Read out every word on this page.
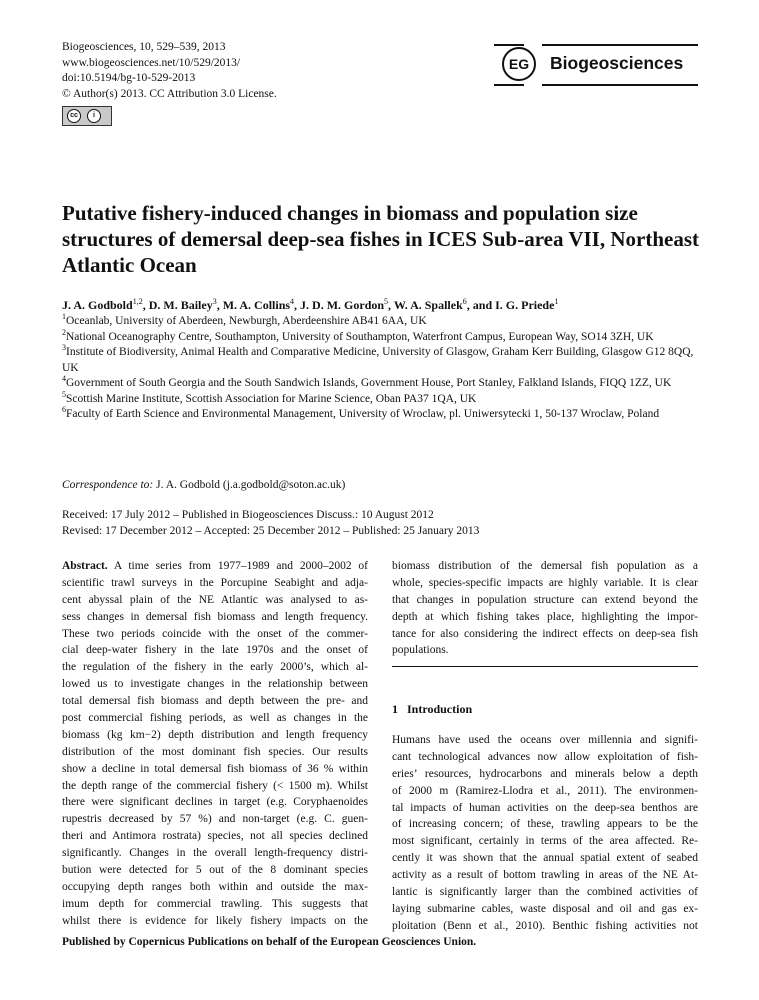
Biogeosciences, 10, 529–539, 2013
www.biogeosciences.net/10/529/2013/
doi:10.5194/bg-10-529-2013
© Author(s) 2013. CC Attribution 3.0 License.
cc	i
EG	Biogeosciences
Putative fishery-induced changes in biomass and population size structures of demersal deep-sea fishes in ICES Sub-area VII, Northeast Atlantic Ocean
J. A. Godbold$^{1,2}$, D. M. Bailey$^3$, M. A. Collins$^4$, J. D. M. Gordon$^5$, W. A. Spallek$^6$, and I. G. Priede$^1$
$^1$Oceanlab, University of Aberdeen, Newburgh, Aberdeenshire AB41 6AA, UK
$^2$National Oceanography Centre, Southampton, University of Southampton, Waterfront Campus, European Way, SO14 3ZH, UK
$^3$Institute of Biodiversity, Animal Health and Comparative Medicine, University of Glasgow, Graham Kerr Building, Glasgow G12 8QQ, UK
$^4$Government of South Georgia and the South Sandwich Islands, Government House, Port Stanley, Falkland Islands, FIQQ 1ZZ, UK
$^5$Scottish Marine Institute, Scottish Association for Marine Science, Oban PA37 1QA, UK
$^6$Faculty of Earth Science and Environmental Management, University of Wroclaw, pl. Uniwersytecki 1, 50-137 Wroclaw, Poland
Correspondence to: J. A. Godbold (j.a.godbold@soton.ac.uk)
Received: 17 July 2012 – Published in Biogeosciences Discuss.: 10 August 2012
Revised: 17 December 2012 – Accepted: 25 December 2012 – Published: 25 January 2013
Abstract. A time series from 1977–1989 and 2000–2002 of
scientific trawl surveys in the Porcupine Seabight and adja-
cent abyssal plain of the NE Atlantic was analysed to as-
sess changes in demersal fish biomass and length frequency.
These two periods coincide with the onset of the commer-
cial deep-water fishery in the late 1970s and the onset of
the regulation of the fishery in the early 2000’s, which al-
lowed us to investigate changes in the relationship between
total demersal fish biomass and depth between the pre- and
post commercial fishing periods, as well as changes in the
biomass (kg km−2) depth distribution and length frequency
distribution of the most dominant fish species. Our results
show a decline in total demersal fish biomass of 36 % within
the depth range of the commercial fishery (< 1500 m). Whilst
there were significant declines in target (e.g. Coryphaenoides
rupestris decreased by 57 %) and non-target (e.g. C. guen-
theri and Antimora rostrata) species, not all species declined
significantly. Changes in the overall length-frequency distri-
bution were detected for 5 out of the 8 dominant species
occupying depth ranges both within and outside the max-
imum depth for commercial trawling. This suggests that
whilst there is evidence for likely fishery impacts on the
biomass distribution of the demersal fish population as a
whole, species-specific impacts are highly variable. It is clear
that changes in population structure can extend beyond the
depth at which fishing takes place, highlighting the impor-
tance for also considering the indirect effects on deep-sea fish
populations.
1 Introduction
Humans have used the oceans over millennia and signifi-
cant technological advances now allow exploitation of fish-
eries’ resources, hydrocarbons and minerals below a depth
of 2000 m (Ramirez-Llodra et al., 2011). The environmen-
tal impacts of human activities on the deep-sea benthos are
of increasing concern; of these, trawling appears to be the
most significant, certainly in terms of the area affected. Re-
cently it was shown that the annual spatial extent of seabed
activity as a result of bottom trawling in areas of the NE At-
lantic is significantly larger than the combined activities of
laying submarine cables, waste disposal and oil and gas ex-
ploitation (Benn et al., 2010). Benthic fishing activities not
Published by Copernicus Publications on behalf of the European Geosciences Union.
